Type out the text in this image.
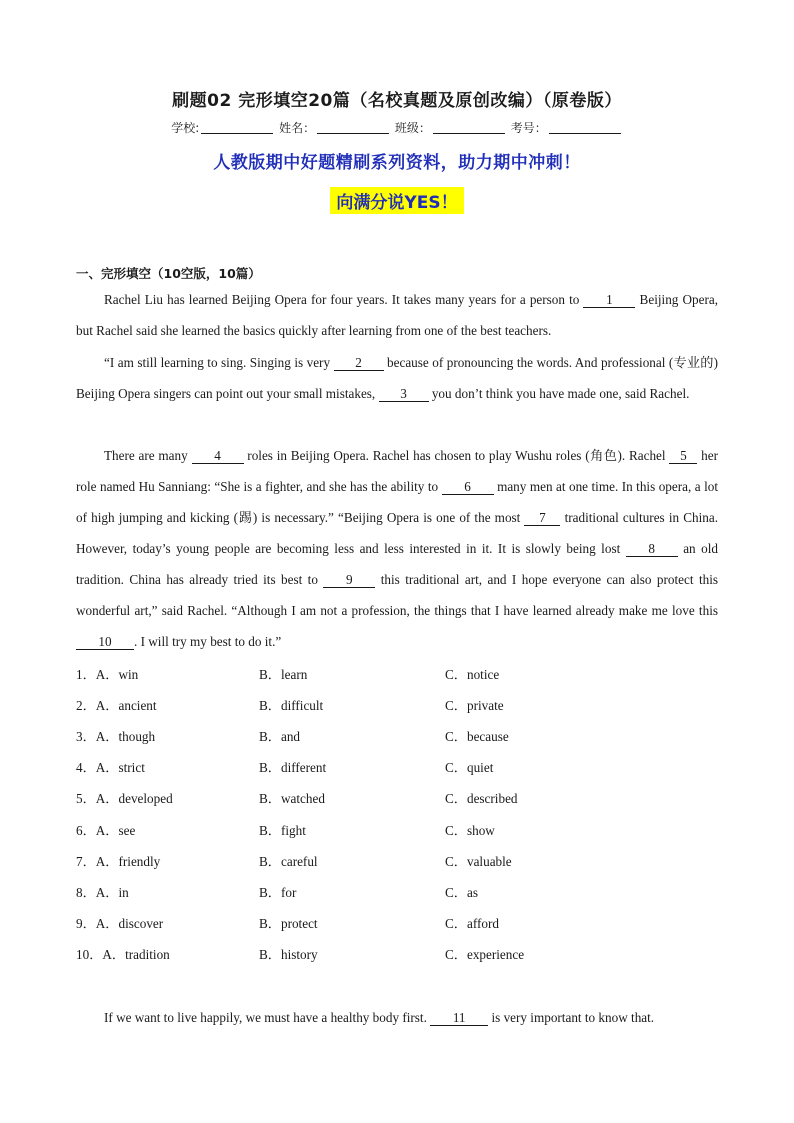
刷题02 完形填空20篇（名校真题及原创改编）（原卷版）
学校:	姓名：	班级：	考号：
人教版期中好题精刷系列资料，助力期中冲刺！
向满分说YES！
一、完形填空（10空版，10篇）

Rachel Liu has learned Beijing Opera for four years. It takes many years for a person to 1 Beijing Opera, but Rachel said she learned the basics quickly after learning from one of the best teachers.

“I am still learning to sing. Singing is very 2 because of pronouncing the words. And professional (专业的) Beijing Opera singers can point out your small mistakes, 3 you don’t think you have made one, said Rachel.

There are many 4 roles in Beijing Opera. Rachel has chosen to play Wushu roles (角色). Rachel 5 her role named Hu Sanniang: “She is a fighter, and she has the ability to 6 many men at one time. In this opera, a lot of high jumping and kicking (踢) is necessary.” “Beijing Opera is one of the most 7 traditional cultures in China. However, today’s young people are becoming less and less interested in it. It is slowly being lost 8 an old tradition. China has already tried its best to 9 this traditional art, and I hope everyone can also protect this wonderful art,” said Rachel. “Although I am not a profession, the things that I have learned already make me love this 10 . I will try my best to do it.”

1．A．win	B．learn	C．notice
2．A．ancient	B．difficult	C．private
3．A．though	B．and	C．because
4．A．strict	B．different	C．quiet
5．A．developed	B．watched	C．described
6．A．see	B．fight	C．show
7．A．friendly	B．careful	C．valuable
8．A．in	B．for	C．as
9．A．discover	B．protect	C．afford
10．A．tradition	B．history	C．experience

If we want to live happily, we must have a healthy body first. 11 is very important to know that.
